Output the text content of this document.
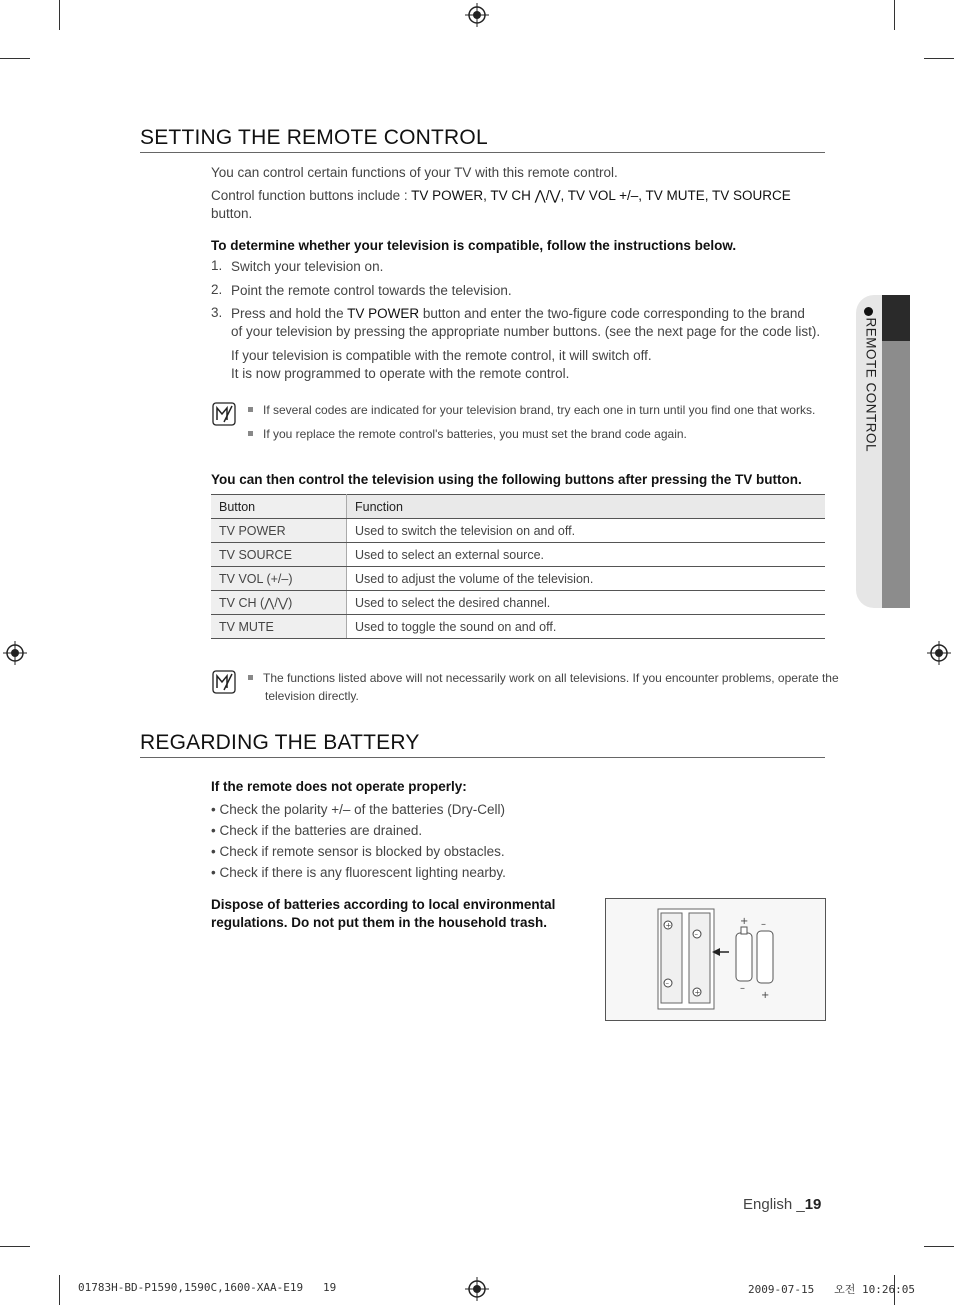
REMOTE CONTROL
SETTING THE REMOTE CONTROL
You can control certain functions of your TV with this remote control.
Control function buttons include : TV POWER, TV CH ⋀/⋁, TV VOL +/–, TV MUTE, TV SOURCE
button.
To determine whether your television is compatible, follow the instructions below.
1. Switch your television on.
2. Point the remote control towards the television.
3. Press and hold the TV POWER button and enter the two-figure code corresponding to the brand
of your television by pressing the appropriate number buttons. (see the next page for the code list).
If your television is compatible with the remote control, it will switch off.
It is now programmed to operate with the remote control.
If several codes are indicated for your television brand, try each one in turn until you find one that works.
If you replace the remote control's batteries, you must set the brand code again.
You can then control the television using the following buttons after pressing the TV button.
Button	Function
TV POWER	Used to switch the television on and off.
TV SOURCE	Used to select an external source.
TV VOL (+/–)	Used to adjust the volume of the television.
TV CH (⋀/⋁)	Used to select the desired channel.
TV MUTE	Used to toggle the sound on and off.
The functions listed above will not necessarily work on all televisions. If you encounter problems, operate the
television directly.
REGARDING THE BATTERY
If the remote does not operate properly:
• Check the polarity +/– of the batteries (Dry-Cell)
• Check if the batteries are drained.
• Check if remote sensor is blocked by obstacles.
• Check if there is any fluorescent lighting nearby.
Dispose of batteries according to local environmental
regulations. Do not put them in the household trash.	+
–
–
+
+
–
–
+
English _19
01783H-BD-P1590,1590C,1600-XAA-E19   19	2009-07-15   오전 10:26:05
